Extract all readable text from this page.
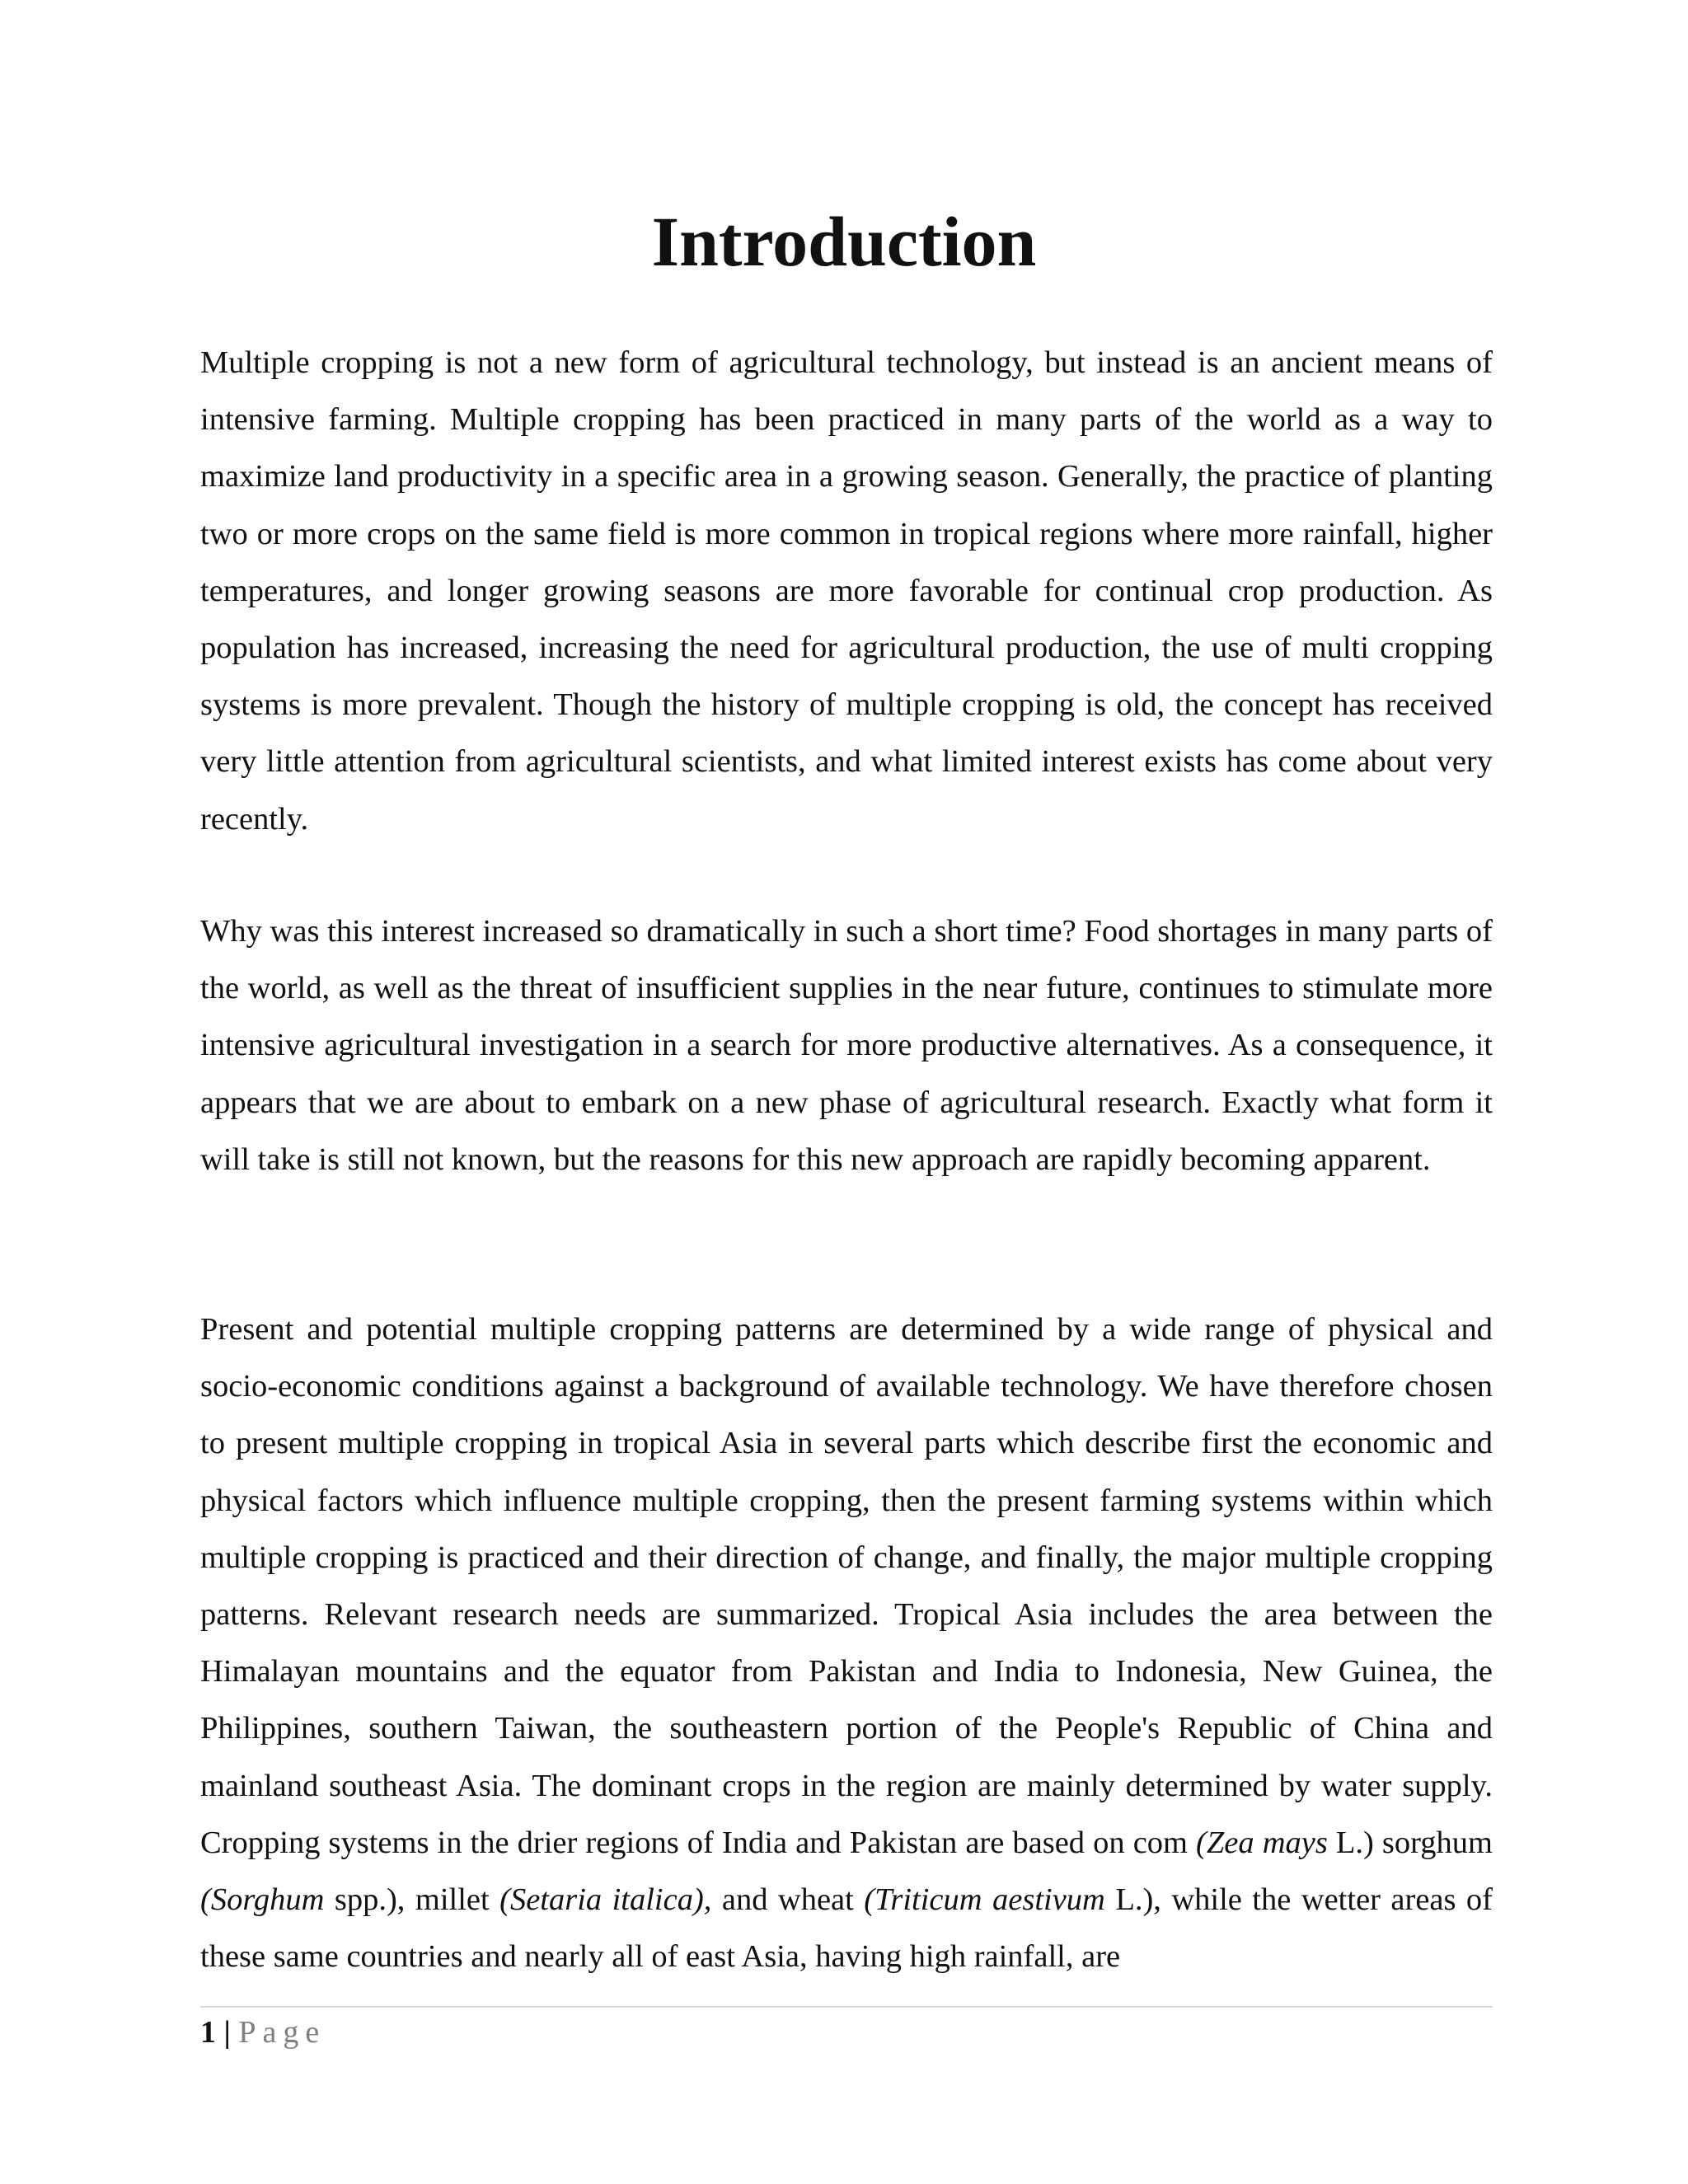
Introduction

Multiple cropping is not a new form of agricultural technology, but instead is an ancient means of intensive farming. Multiple cropping has been practiced in many parts of the world as a way to maximize land productivity in a specific area in a growing season. Generally, the practice of planting two or more crops on the same field is more common in tropical regions where more rainfall, higher temperatures, and longer growing seasons are more favorable for continual crop production. As population has increased, increasing the need for agricultural production, the use of multi cropping systems is more prevalent. Though the history of multiple cropping is old, the concept has received very little attention from agricultural scientists, and what limited interest exists has come about very recently.

Why was this interest increased so dramatically in such a short time? Food shortages in many parts of the world, as well as the threat of insufficient supplies in the near future, continues to stimulate more intensive agricultural investigation in a search for more productive alternatives. As a consequence, it appears that we are about to embark on a new phase of agricultural research. Exactly what form it will take is still not known, but the reasons for this new approach are rapidly becoming apparent.

Present and potential multiple cropping patterns are determined by a wide range of physical and socio-economic conditions against a background of available technology. We have therefore chosen to present multiple cropping in tropical Asia in several parts which describe first the economic and physical factors which influence multiple cropping, then the present farming systems within which multiple cropping is practiced and their direction of change, and finally, the major multiple cropping patterns. Relevant research needs are summarized. Tropical Asia includes the area between the Himalayan mountains and the equator from Pakistan and India to Indonesia, New Guinea, the Philippines, southern Taiwan, the southeastern portion of the People's Republic of China and mainland southeast Asia. The dominant crops in the region are mainly determined by water supply. Cropping systems in the drier regions of India and Pakistan are based on com (Zea mays L.) sorghum (Sorghum spp.), millet (Setaria italica), and wheat (Triticum aestivum L.), while the wetter areas of these same countries and nearly all of east Asia, having high rainfall, are

1 | Page
